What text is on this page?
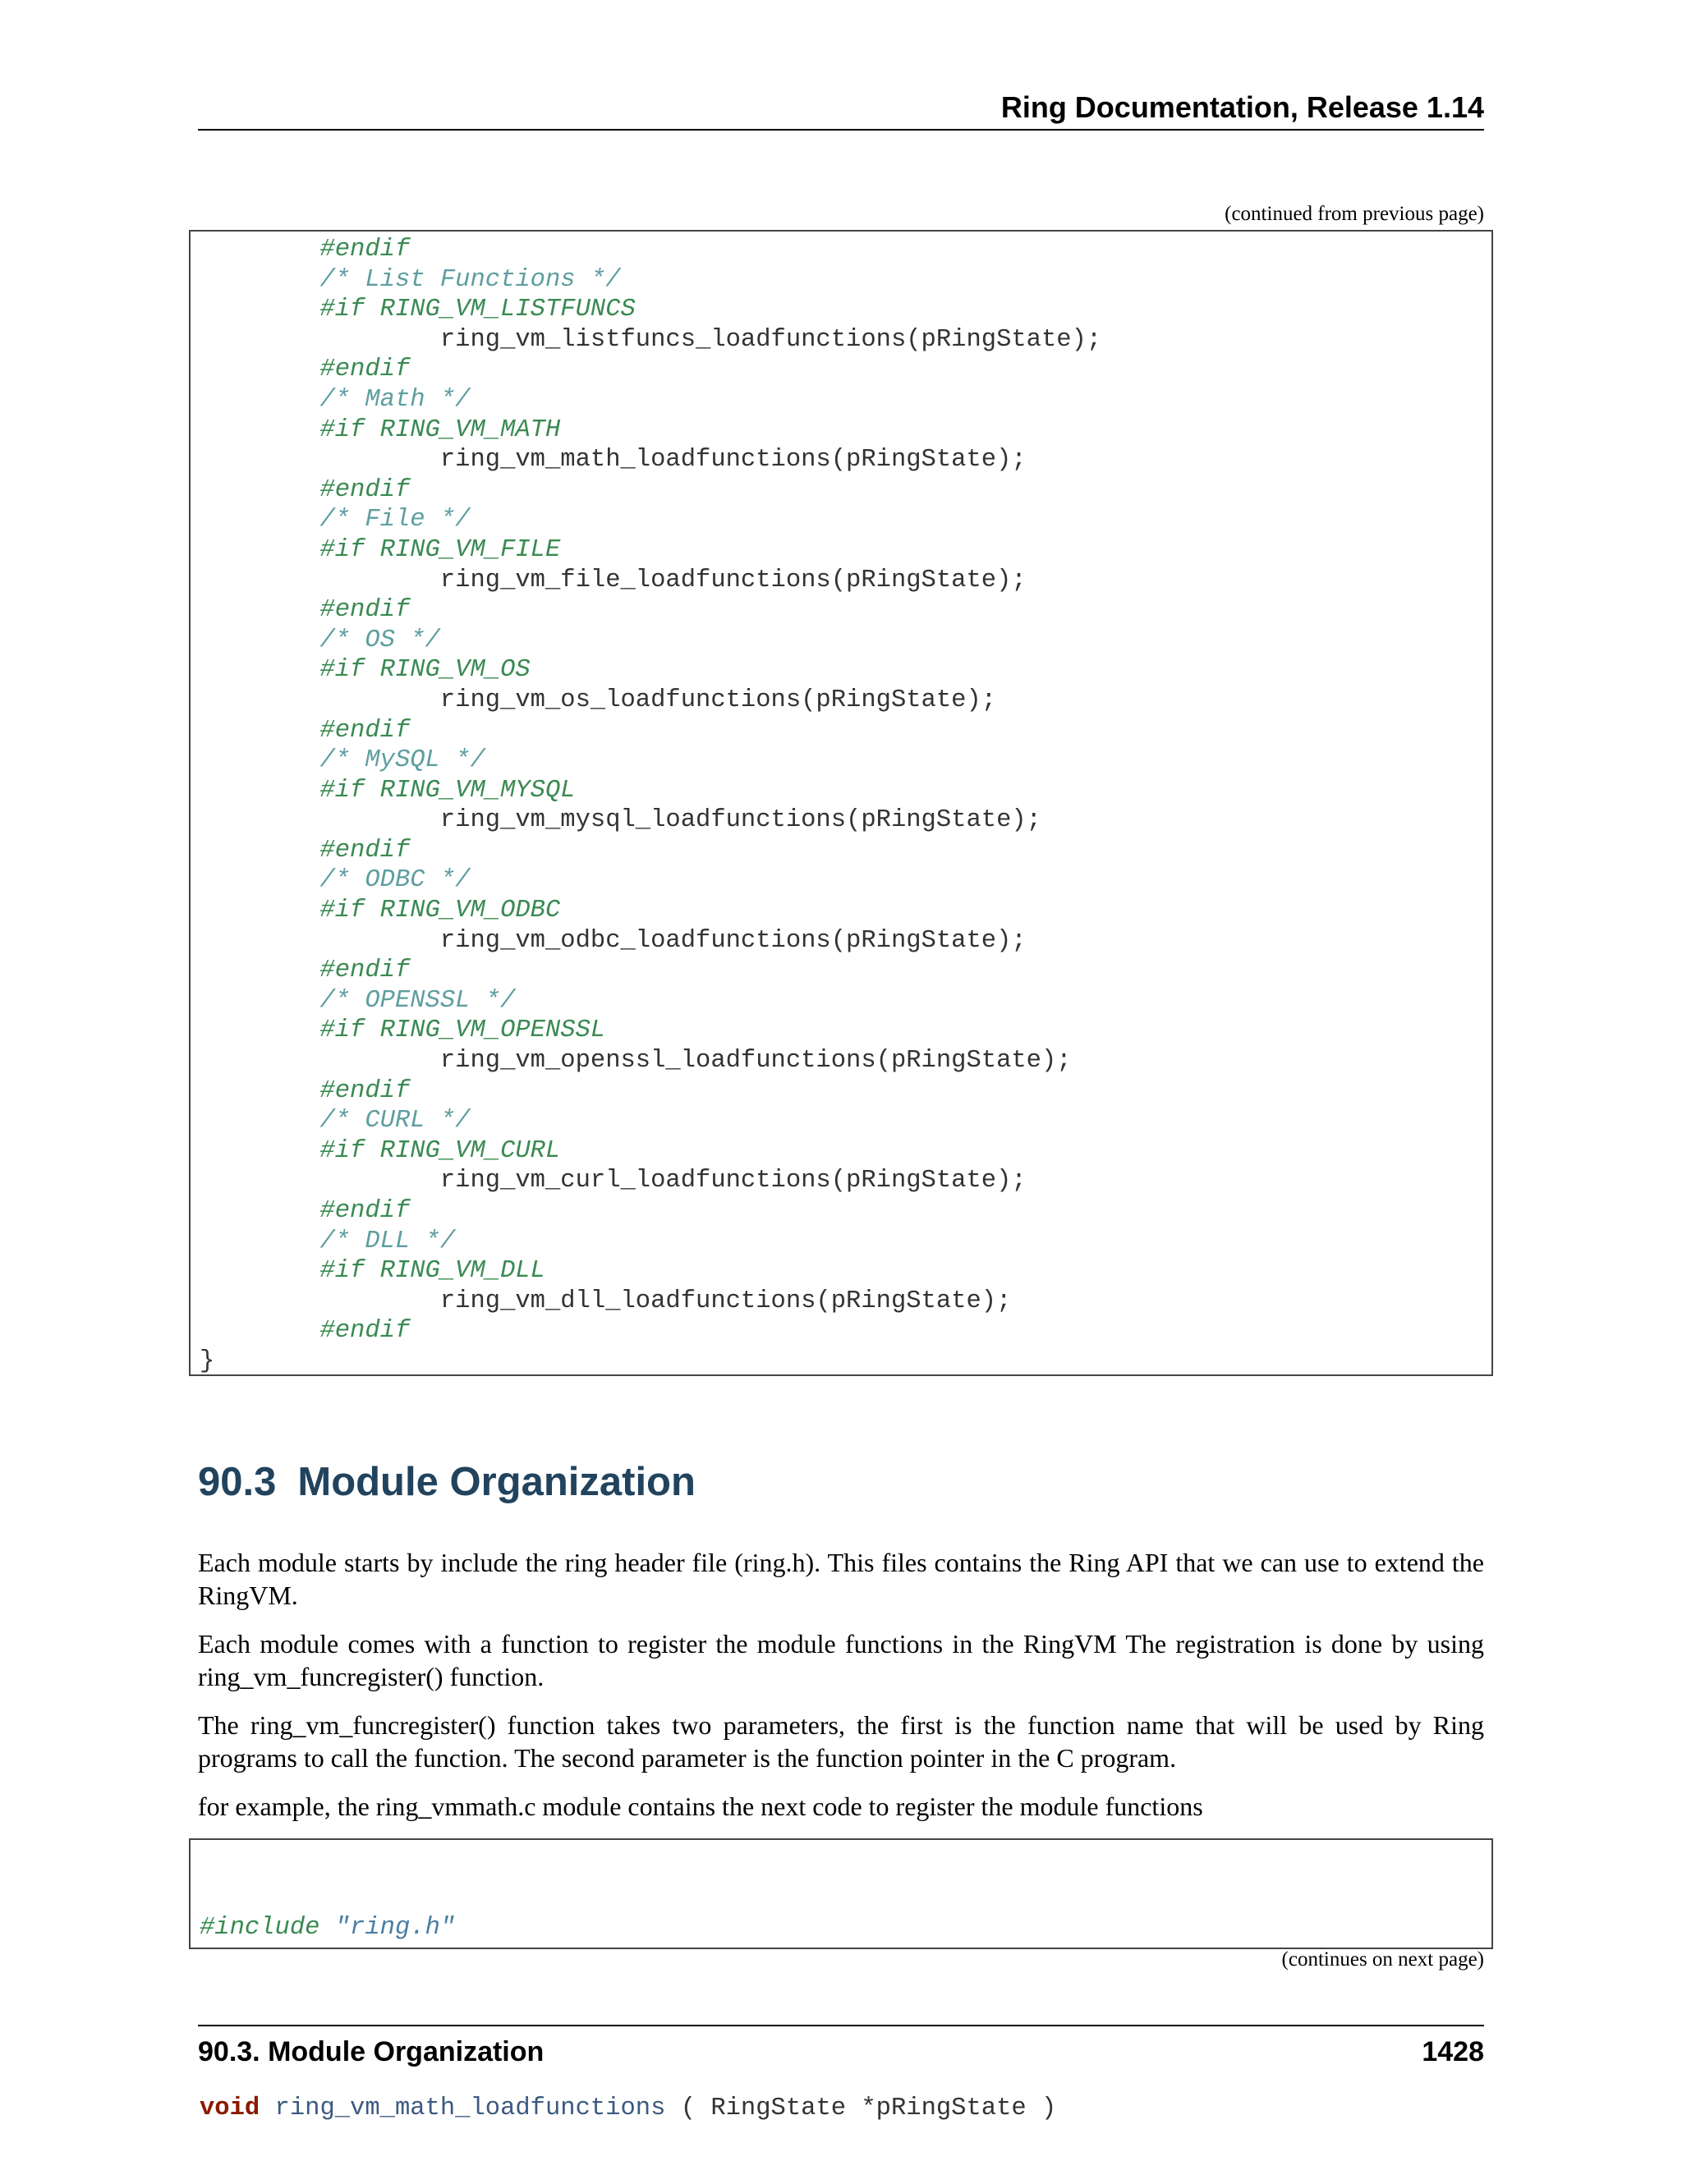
Ring Documentation, Release 1.14
(continued from previous page)
#endif
/* List Functions */
#if RING_VM_LISTFUNCS
ring_vm_listfuncs_loadfunctions(pRingState);
#endif
/* Math */
#if RING_VM_MATH
ring_vm_math_loadfunctions(pRingState);
#endif
/* File */
#if RING_VM_FILE
ring_vm_file_loadfunctions(pRingState);
#endif
/* OS */
#if RING_VM_OS
ring_vm_os_loadfunctions(pRingState);
#endif
/* MySQL */
#if RING_VM_MYSQL
ring_vm_mysql_loadfunctions(pRingState);
#endif
/* ODBC */
#if RING_VM_ODBC
ring_vm_odbc_loadfunctions(pRingState);
#endif
/* OPENSSL */
#if RING_VM_OPENSSL
ring_vm_openssl_loadfunctions(pRingState);
#endif
/* CURL */
#if RING_VM_CURL
ring_vm_curl_loadfunctions(pRingState);
#endif
/* DLL */
#if RING_VM_DLL
ring_vm_dll_loadfunctions(pRingState);
#endif
}
90.3 Module Organization

Each module starts by include the ring header file (ring.h). This files contains the Ring API that we can use to extend the RingVM.

Each module comes with a function to register the module functions in the RingVM The registration is done by using ring_vm_funcregister() function.

The ring_vm_funcregister() function takes two parameters, the first is the function name that will be used by Ring programs to call the function. The second parameter is the function pointer in the C program.

for example, the ring_vmmath.c module contains the next code to register the module functions

#include "ring.h"

void ring_vm_math_loadfunctions ( RingState *pRingState )

(continues on next page)
90.3. Module Organization	1428
